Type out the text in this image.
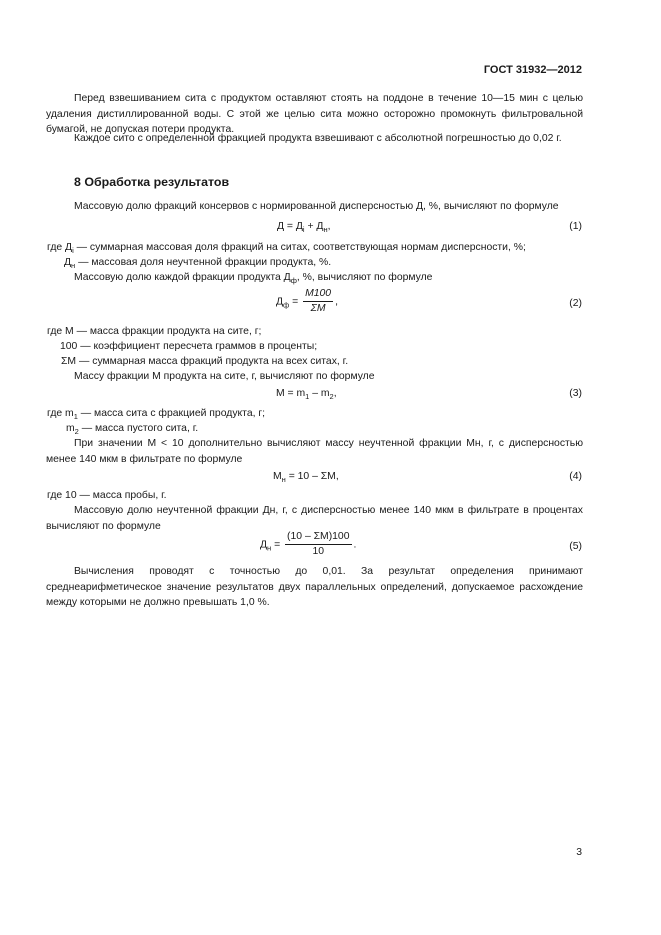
ГОСТ 31932—2012
Перед взвешиванием сита с продуктом оставляют стоять на поддоне в течение 10—15 мин с целью удаления дистиллированной воды. С этой же целью сита можно осторожно промокнуть фильтровальной бумагой, не допуская потери продукта.
Каждое сито с определенной фракцией продукта взвешивают с абсолютной погрешностью до 0,02 г.
8 Обработка результатов
Массовую долю фракций консервов с нормированной дисперсностью Д, %, вычисляют по формуле
$Д = Д_i + Д_н$,	(1)
где $Д_i$ — суммарная массовая доля фракций на ситах, соответствующая нормам дисперсности, %;
$Д_н$ — массовая доля неучтенной фракции продукта, %.
Массовую долю каждой фракции продукта $Д_ф$, %, вычисляют по формуле
$Д_ф = \frac{M100}{\Sigma M}$ ,	(2)
где M — масса фракции продукта на сите, г;
100 — коэффициент пересчета граммов в проценты;
ΣM — суммарная масса фракций продукта на всех ситах, г.
Массу фракции M продукта на сите, г, вычисляют по формуле
$M = m_1 - m_2$,	(3)
где $m_1$ — масса сита с фракцией продукта, г;
$m_2$ — масса пустого сита, г.
При значении M < 10 дополнительно вычисляют массу неучтенной фракции Mн, г, с дисперсностью менее 140 мкм в фильтрате по формуле
$M_н = 10 - \Sigma M$,	(4)
где 10 — масса пробы, г.
Массовую долю неучтенной фракции Дн, г, с дисперсностью менее 140 мкм в фильтрате в процентах вычисляют по формуле
$Д_н = \frac{(10 - \Sigma M)100}{10}$ .	(5)
Вычисления проводят с точностью до 0,01. За результат определения принимают среднеарифметическое значение результатов двух параллельных определений, допускаемое расхождение между которыми не должно превышать 1,0 %.
3
